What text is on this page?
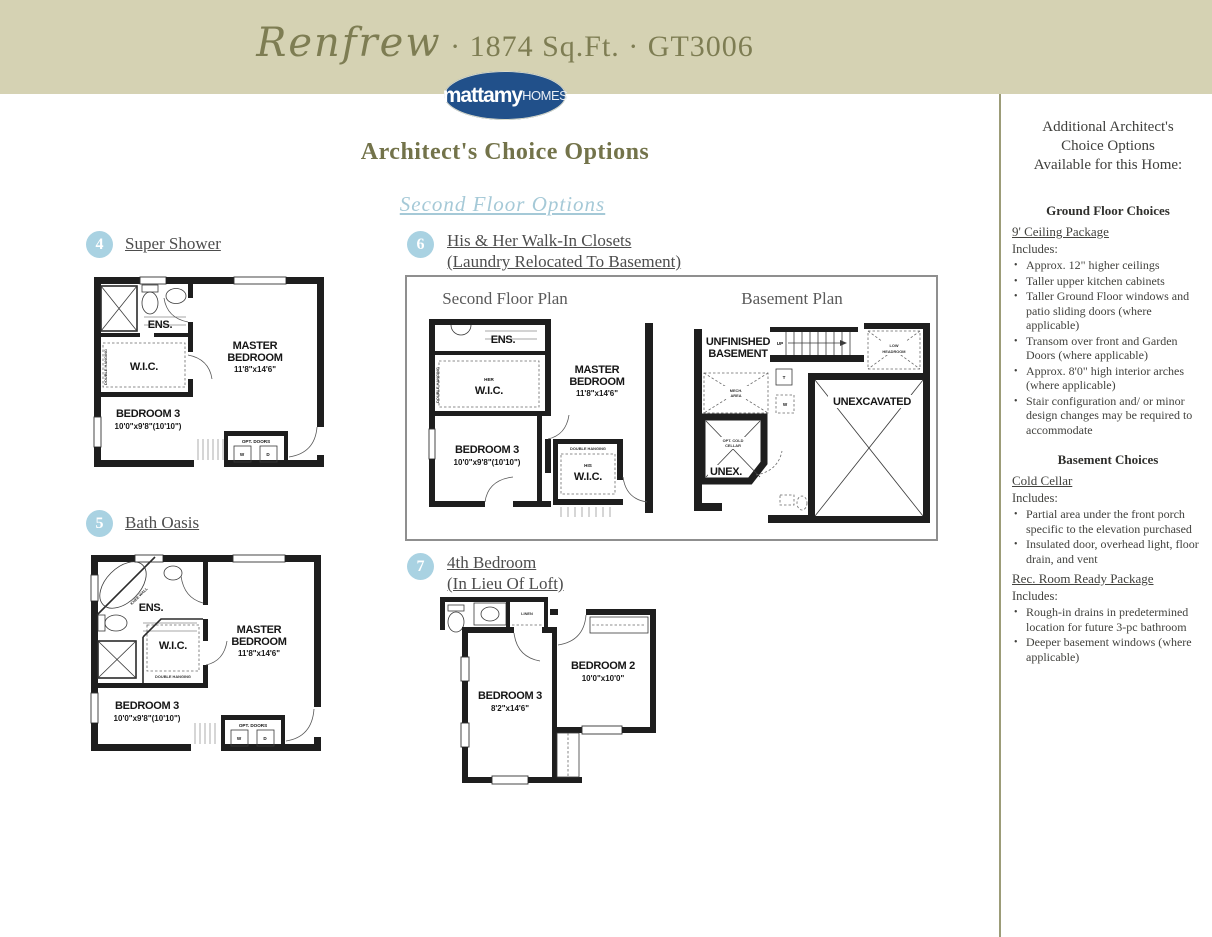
Renfrew · 1874 Sq.Ft. · GT3006
mattamy HOMES
Architect's Choice Options
Second Floor Options
4 Super Shower
DOUBLE HANGING
OPT. DOORS
W	D
ENS.
W.I.C.
MASTER
BEDROOM
11'8"x14'6"
BEDROOM 3
10'0"x9'8"(10'10")
5 Bath Oasis
KNEE WALL
DOUBLE HANGING
OPT. DOORS
W	D
ENS.
W.I.C.
MASTER
BEDROOM
11'8"x14'6"
BEDROOM 3
10'0"x9'8"(10'10")
6 His & Her Walk-In Closets
(Laundry Relocated To Basement)
Second Floor Plan	Basement Plan
DOUBLE HANGING	HER
W.I.C.
DOUBLE HANGING
HIS
W.I.C.
ENS.
MASTER
BEDROOM
11'8"x14'6"
BEDROOM 3
10'0"x9'8"(10'10")
UP	LOW
HEADROOM
UNEXCAVATED
MECH.
AREA
T
W
OPT. COLD
CELLAR
UNEX.
UNFINISHED
BASEMENT
7 4th Bedroom
(In Lieu Of Loft)
LINEN
BEDROOM 3
8'2"x14'6"
BEDROOM 2
10'0"x10'0"
Additional Architect's
Choice Options
Available for this Home:
Ground Floor Choices
9' Ceiling Package
Includes:
• Approx. 12" higher ceilings
• Taller upper kitchen cabinets
• Taller Ground Floor windows and patio sliding doors (where applicable)
• Transom over front and Garden Doors (where applicable)
• Approx. 8'0" high interior arches (where applicable)
• Stair configuration and/ or minor design changes may be required to accommodate
Basement Choices
Cold Cellar
Includes:
• Partial area under the front porch specific to the elevation purchased
• Insulated door, overhead light, floor drain, and vent
Rec. Room Ready Package
Includes:
• Rough-in drains in predetermined location for future 3-pc bathroom
• Deeper basement windows (where applicable)
